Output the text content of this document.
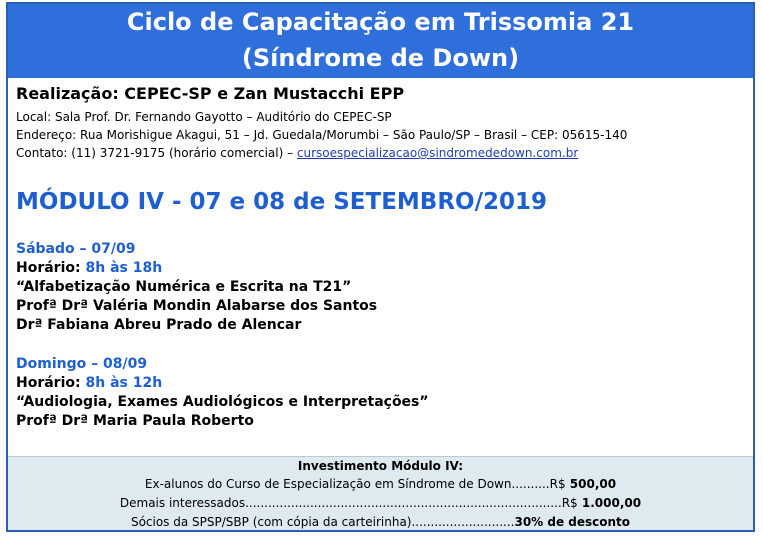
Ciclo de Capacitação em Trissomia 21
(Síndrome de Down)
Realização: CEPEC-SP e Zan Mustacchi EPP
Local: Sala Prof. Dr. Fernando Gayotto – Auditório do CEPEC-SP
Endereço: Rua Morishigue Akagui, 51 – Jd. Guedala/Morumbi – São Paulo/SP – Brasil – CEP: 05615-140
Contato: (11) 3721-9175 (horário comercial) – cursoespecializacao@sindromededown.com.br
MÓDULO IV - 07 e 08 de SETEMBRO/2019
Sábado – 07/09
Horário: 8h às 18h
“Alfabetização Numérica e Escrita na T21”
Profª Drª Valéria Mondin Alabarse dos Santos
Drª Fabiana Abreu Prado de Alencar
Domingo – 08/09
Horário: 8h às 12h
“Audiologia, Exames Audiológicos e Interpretações”
Profª Drª Maria Paula Roberto
Investimento Módulo IV:
Ex-alunos do Curso de Especialização em Síndrome de Down..........R$ 500,00
Demais interessados...................................................................................R$ 1.000,00
Sócios da SPSP/SBP (com cópia da carteirinha)...........................30% de desconto
